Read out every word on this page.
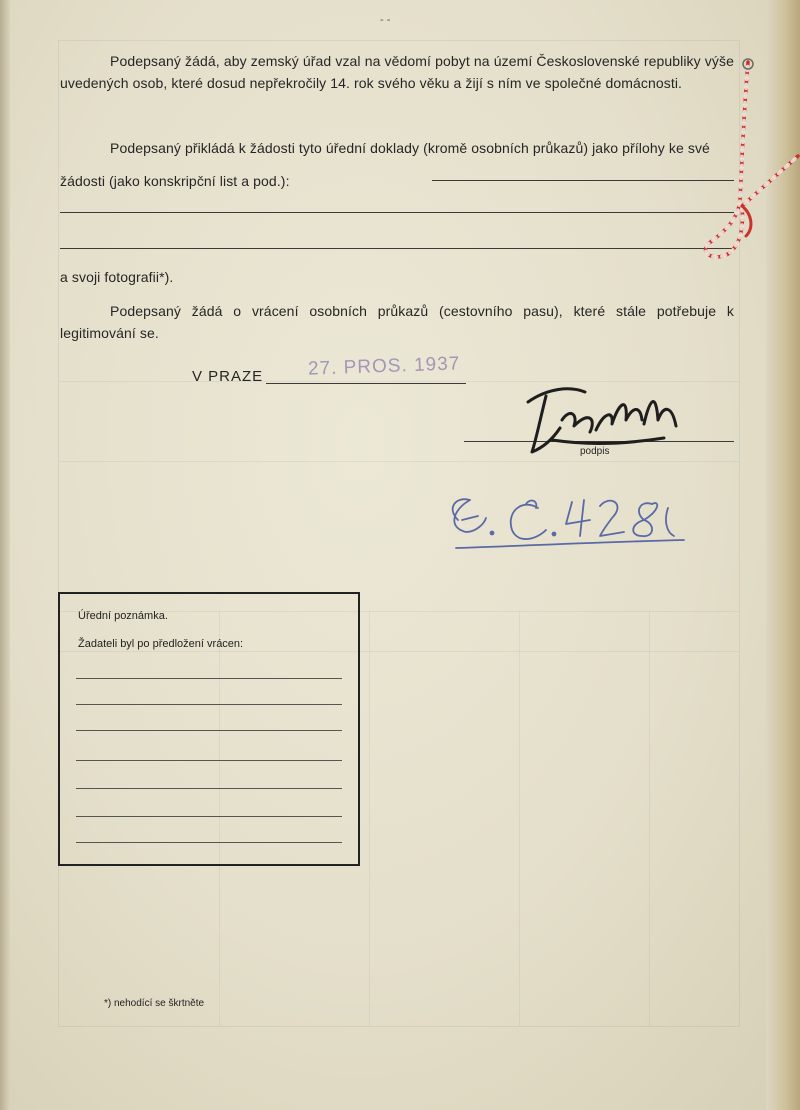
- -
Podepsaný žádá, aby zemský úřad vzal na vědomí pobyt na území Československé republiky výše uvedených osob, které dosud nepřekročily 14. rok svého věku a žijí s ním ve společné domácnosti.
Podepsaný přikládá k žádosti tyto úřední doklady (kromě osobních průkazů) jako přílohy ke své žádosti (jako konskripční list a pod.):
a svoji fotografii*).
Podepsaný žádá o vrácení osobních průkazů (cestovního pasu), které stále potřebuje k legitimování se.
V PRAZE 27. PROS. 1937
podpis
Úřední poznámka.
Žadateli byl po předložení vrácen:
*) nehodící se škrtněte
